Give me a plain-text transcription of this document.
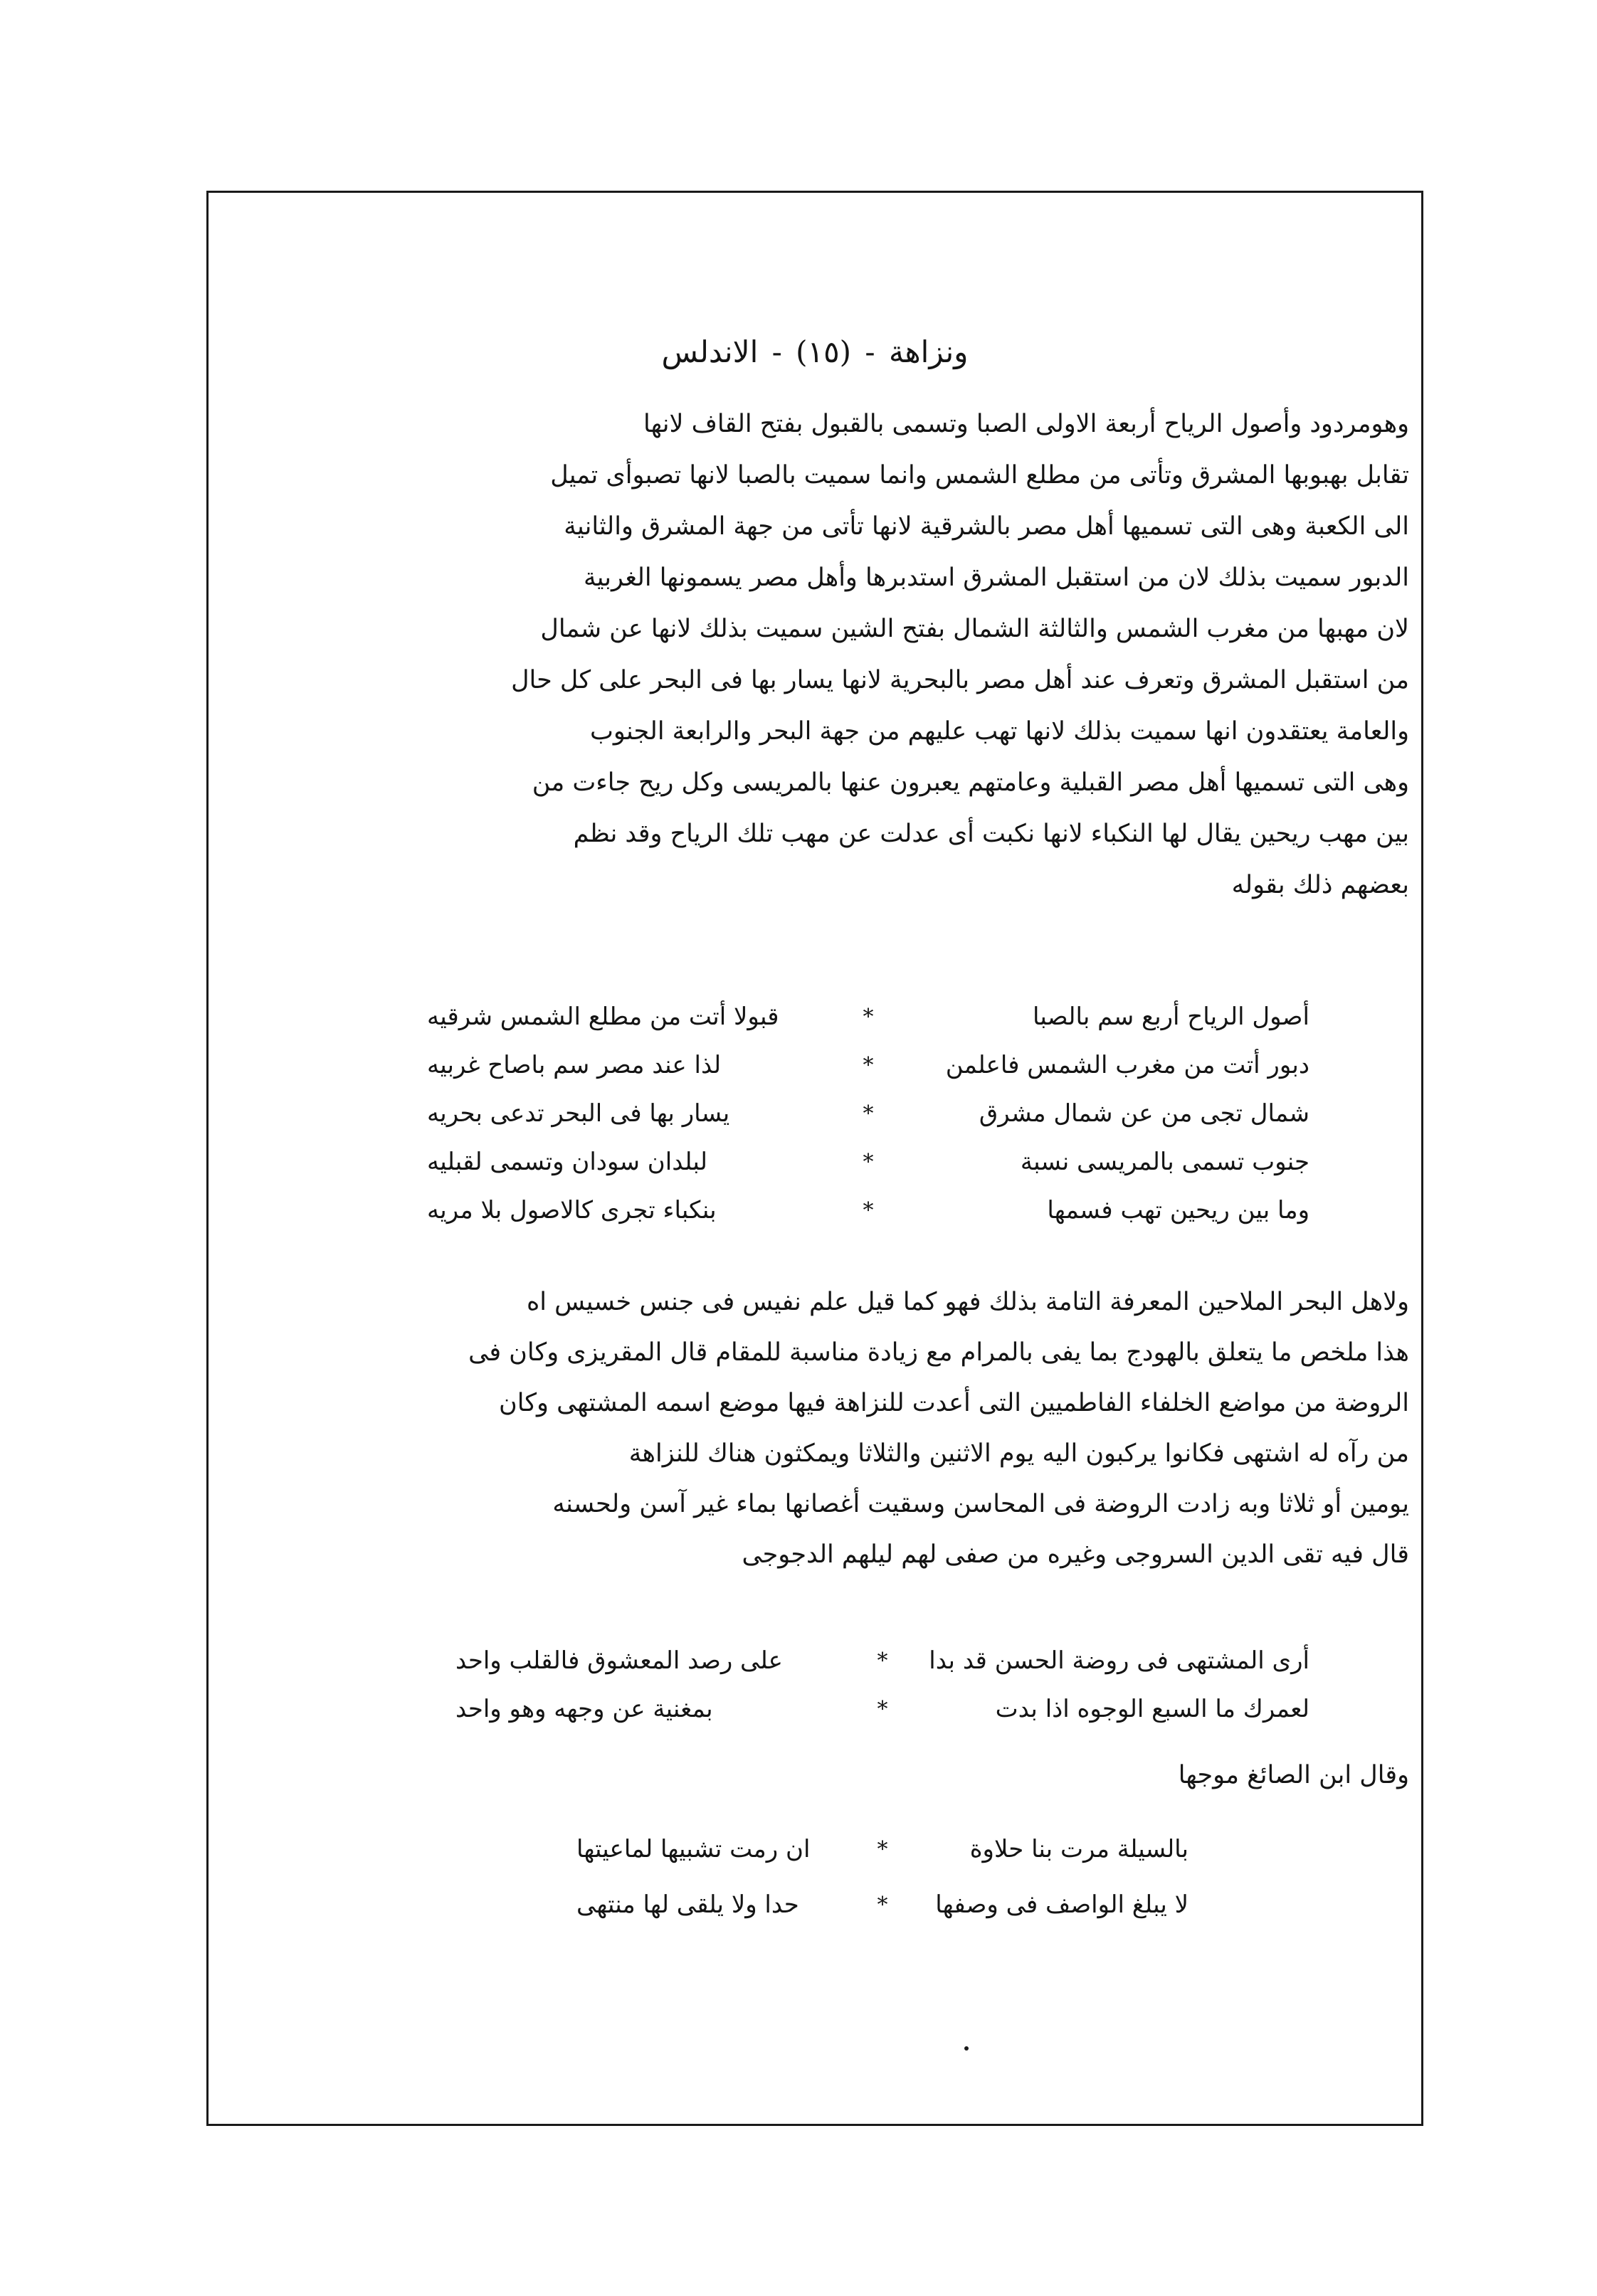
ونزاهة - (١٥) - الاندلس

وهومردود وأصول الرياح أربعة الاولى الصبا وتسمى بالقبول بفتح القاف لانها

تقابل بهبوبها المشرق وتأتى من مطلع الشمس وانما سميت بالصبا لانها تصبوأى تميل

الى الكعبة وهى التى تسميها أهل مصر بالشرقية لانها تأتى من جهة المشرق والثانية

الدبور سميت بذلك لان من استقبل المشرق استدبرها وأهل مصر يسمونها الغربية

لان مهبها من مغرب الشمس والثالثة الشمال بفتح الشين سميت بذلك لانها عن شمال

من استقبل المشرق وتعرف عند أهل مصر بالبحرية لانها يسار بها فى البحر على كل حال

والعامة يعتقدون انها سميت بذلك لانها تهب عليهم من جهة البحر والرابعة الجنوب

وهى التى تسميها أهل مصر القبلية وعامتهم يعبرون عنها بالمريسى وكل ريح جاءت من

بين مهب ريحين يقال لها النكباء لانها نكبت أى عدلت عن مهب تلك الرياح وقد نظم

بعضهم ذلك بقوله

أصول الرياح أربع سم بالصبا
*
قبولا أتت من مطلع الشمس شرقيه
دبور أتت من مغرب الشمس فاعلمن
*
لذا عند مصر سم باصاح غربيه
شمال تجى من عن شمال مشرق
*
يسار بها فى البحر تدعى بحريه
جنوب تسمى بالمريسى نسبة
*
لبلدان سودان وتسمى لقبليه
وما بين ريحين تهب فسمها
*
بنكباء تجرى كالاصول بلا مريه

ولاهل البحر الملاحين المعرفة التامة بذلك فهو كما قيل علم نفيس فى جنس خسيس اه

هذا ملخص ما يتعلق بالهودج بما يفى بالمرام مع زيادة مناسبة للمقام قال المقريزى وكان فى

الروضة من مواضع الخلفاء الفاطميين التى أعدت للنزاهة فيها موضع اسمه المشتهى وكان

من رآه له اشتهى فكانوا يركبون اليه يوم الاثنين والثلاثا ويمكثون هناك للنزاهة

يومين أو ثلاثا وبه زادت الروضة فى المحاسن وسقيت أغصانها بماء غير آسن ولحسنه

قال فيه تقى الدين السروجى وغيره من صفى لهم ليلهم الدجوجى

أرى المشتهى فى روضة الحسن قد بدا
*
على رصد المعشوق فالقلب واحد
لعمرك ما السبع الوجوه اذا بدت
*
بمغنية عن وجهه وهو واحد

وقال ابن الصائغ موجها

بالسيلة مرت بنا حلاوة
*
ان رمت تشبيها لماعيتها
لا يبلغ الواصف فى وصفها
*
حدا ولا يلقى لها منتهى
